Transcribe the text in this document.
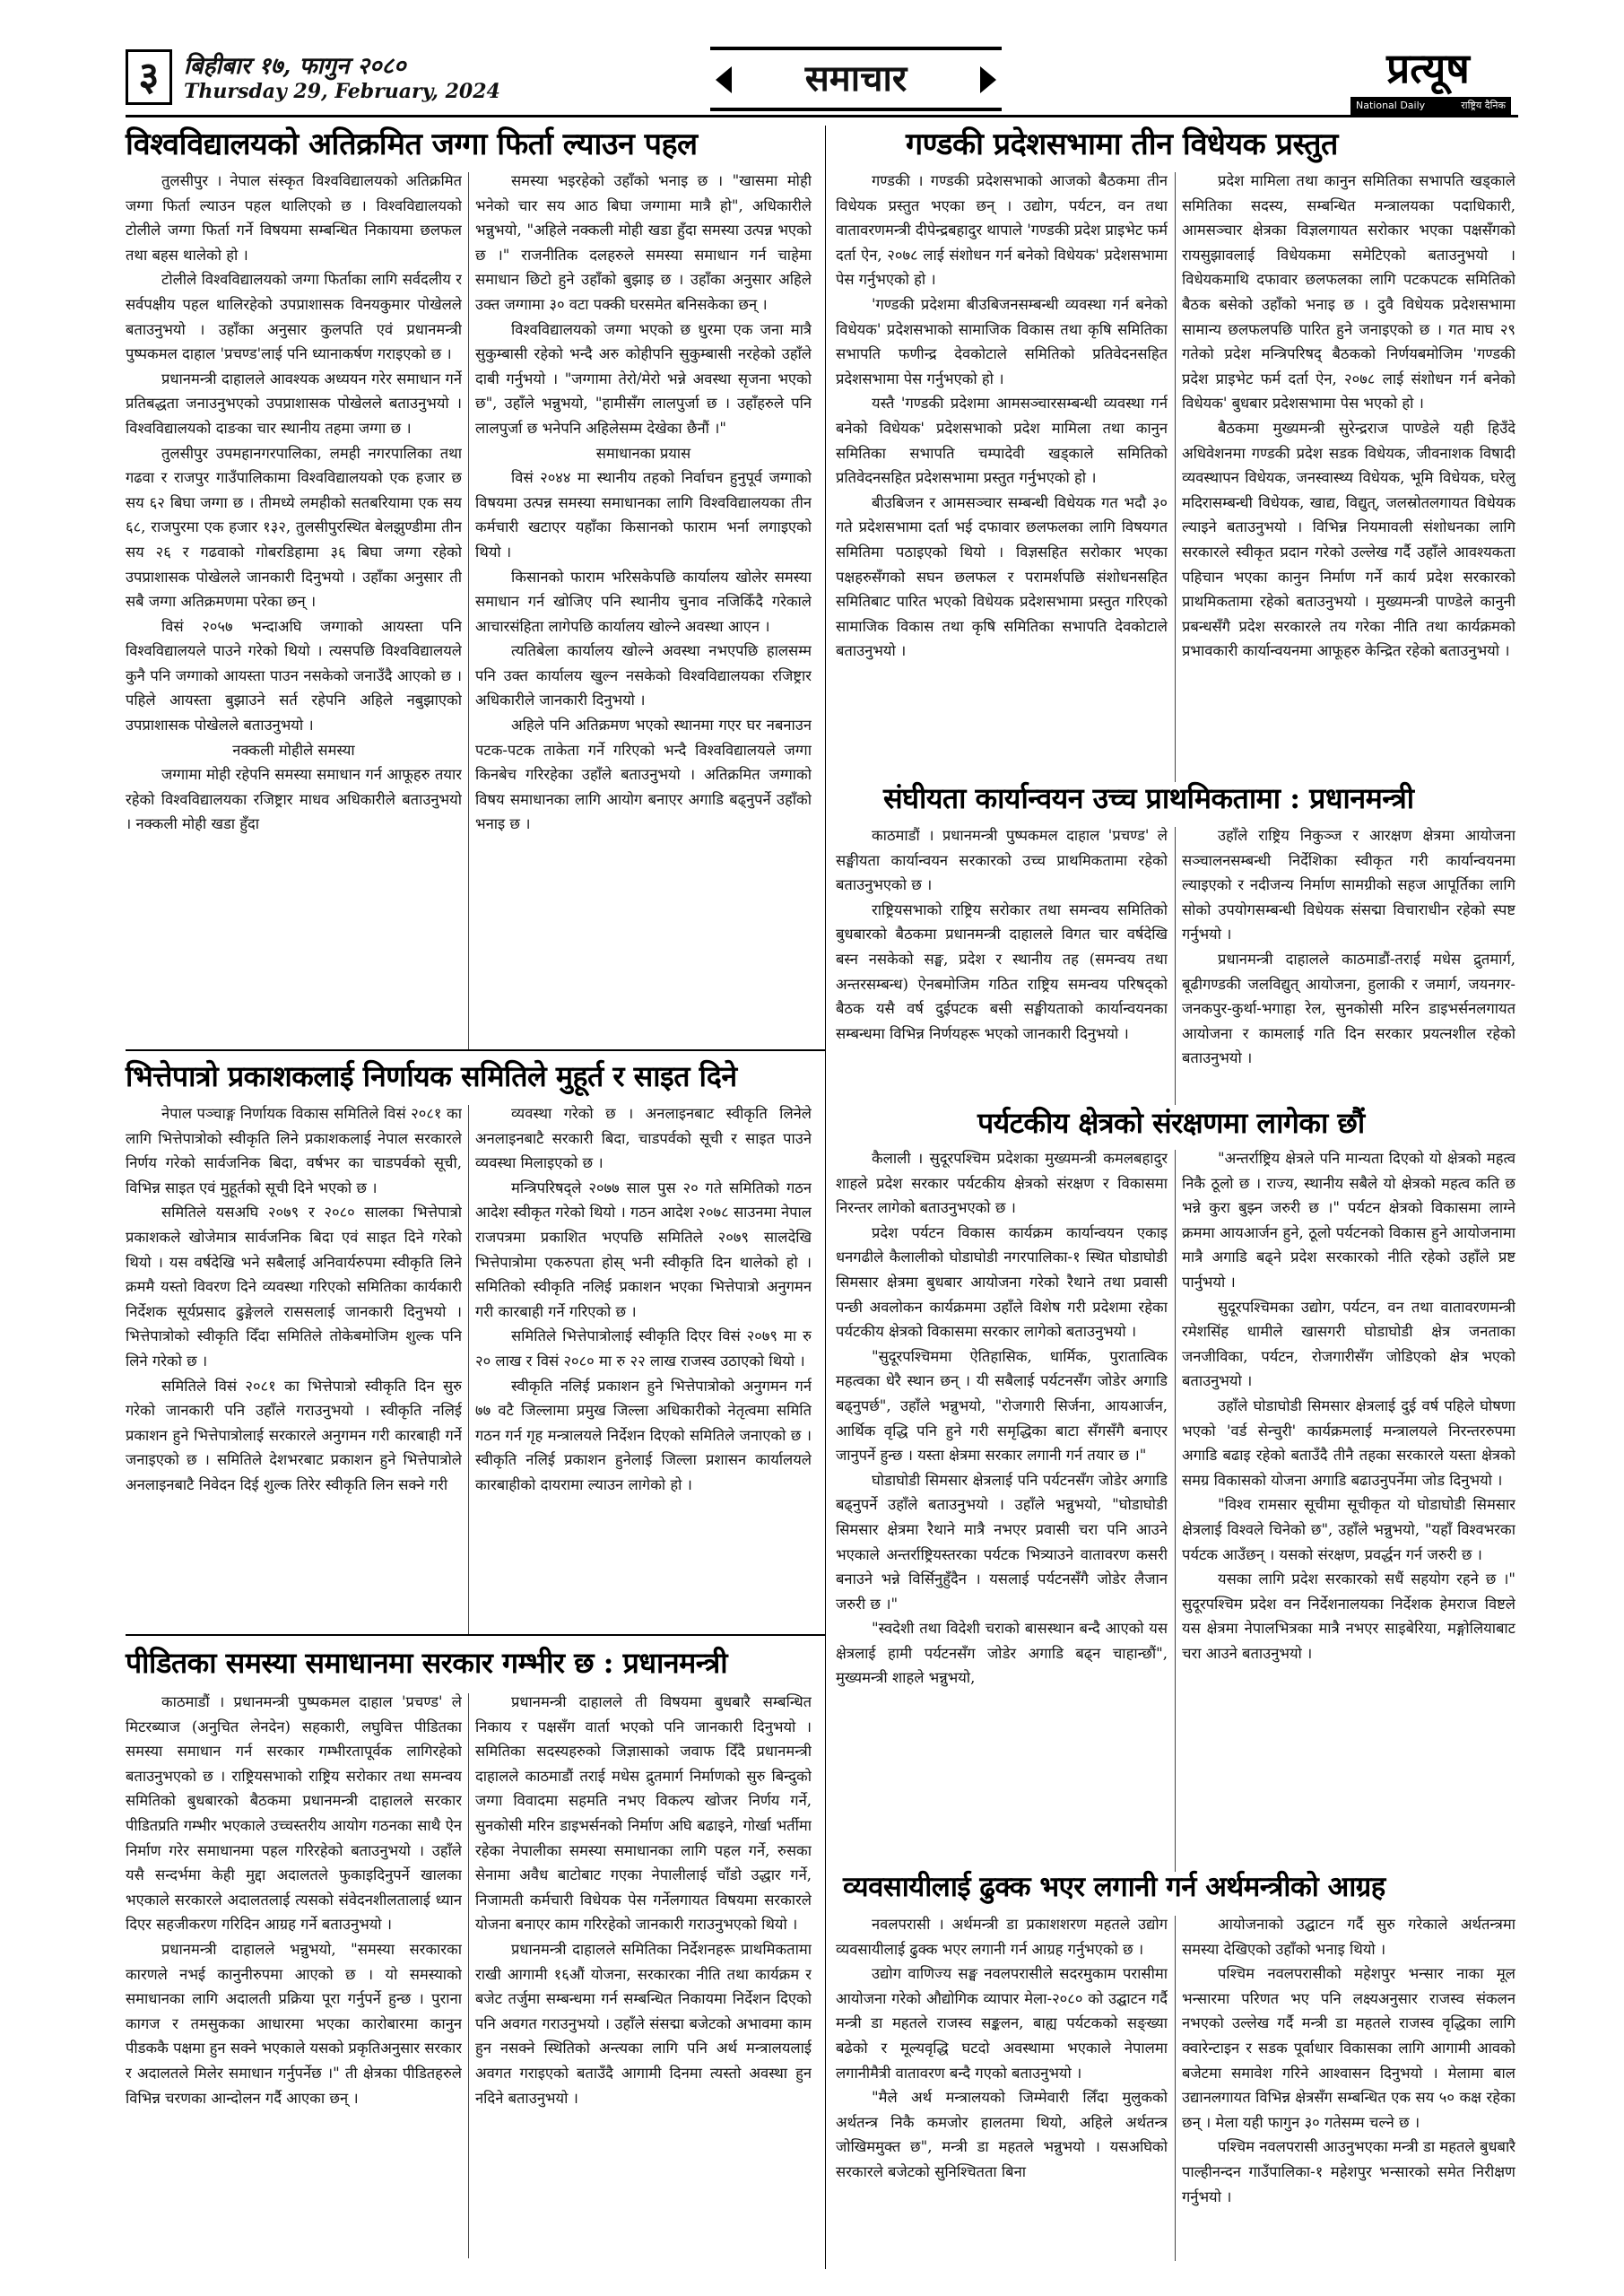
३	बिहीबार १७, फागुन २०८०
Thursday 29, February, 2024	समाचार	प्रत्यूष
National Daily	राष्ट्रिय दैनिक
विश्वविद्यालयको अतिक्रमित जग्गा फिर्ता ल्याउन पहल

तुलसीपुर । नेपाल संस्कृत विश्वविद्यालयको अतिक्रमित जग्गा फिर्ता ल्याउन पहल थालिएको छ । विश्वविद्यालयको टोलीले जग्गा फिर्ता गर्ने विषयमा सम्बन्धित निकायमा छलफल तथा बहस थालेको हो ।

टोलीले विश्वविद्यालयको जग्गा फिर्ताका लागि सर्वदलीय र सर्वपक्षीय पहल थालिरहेको उपप्राशासक विनयकुमार पोखेलले बताउनुभयो । उहाँका अनुसार कुलपति एवं प्रधानमन्त्री पुष्पकमल दाहाल 'प्रचण्ड'लाई पनि ध्यानाकर्षण गराइएको छ ।

प्रधानमन्त्री दाहालले आवश्यक अध्ययन गरेर समाधान गर्ने प्रतिबद्धता जनाउनुभएको उपप्राशासक पोखेलले बताउनुभयो । विश्वविद्यालयको दाङका चार स्थानीय तहमा जग्गा छ ।

तुलसीपुर उपमहानगरपालिका, लमही नगरपालिका तथा गढवा र राजपुर गाउँपालिकामा विश्वविद्यालयको एक हजार छ सय ६२ बिघा जग्गा छ । तीमध्ये लमहीको सतबरियामा एक सय ६८, राजपुरमा एक हजार १३२, तुलसीपुरस्थित बेलझुण्डीमा तीन सय २६ र गढवाको गोबरडिहामा ३६ बिघा जग्गा रहेको उपप्राशासक पोखेलले जानकारी दिनुभयो । उहाँका अनुसार ती सबै जग्गा अतिक्रमणमा परेका छन् ।

विसं २०५७ भन्दाअघि जग्गाको आयस्ता पनि विश्वविद्यालयले पाउने गरेको थियो । त्यसपछि विश्वविद्यालयले कुनै पनि जग्गाको आयस्ता पाउन नसकेको जनाउँदै आएको छ । पहिले आयस्ता बुझाउने सर्त रहेपनि अहिले नबुझाएको उपप्राशासक पोखेलले बताउनुभयो ।

नक्कली मोहीले समस्या

जग्गामा मोही रहेपनि समस्या समाधान गर्न आफूहरु तयार रहेको विश्वविद्यालयका रजिष्ट्रार माधव अधिकारीले बताउनुभयो । नक्कली मोही खडा हुँदा

समस्या भइरहेको उहाँको भनाइ छ । "खासमा मोही भनेको चार सय आठ बिघा जग्गामा मात्रै हो", अधिकारीले भन्नुभयो, "अहिले नक्कली मोही खडा हुँदा समस्या उत्पन्न भएको छ ।" राजनीतिक दलहरुले समस्या समाधान गर्न चाहेमा समाधान छिटो हुने उहाँको बुझाइ छ । उहाँका अनुसार अहिले उक्त जग्गामा ३० वटा पक्की घरसमेत बनिसकेका छन् ।

विश्वविद्यालयको जग्गा भएको छ धुरमा एक जना मात्रै सुकुम्बासी रहेको भन्दै अरु कोहीपनि सुकुम्बासी नरहेको उहाँले दाबी गर्नुभयो । "जग्गामा तेरो/मेरो भन्ने अवस्था सृजना भएको छ", उहाँले भन्नुभयो, "हामीसँग लालपुर्जा छ । उहाँहरुले पनि लालपुर्जा छ भनेपनि अहिलेसम्म देखेका छैनौं ।"

समाधानका प्रयास

विसं २०४४ मा स्थानीय तहको निर्वाचन हुनुपूर्व जग्गाको विषयमा उत्पन्न समस्या समाधानका लागि विश्वविद्यालयका तीन कर्मचारी खटाएर यहाँका किसानको फाराम भर्ना लगाइएको थियो ।

किसानको फाराम भरिसकेपछि कार्यालय खोलेर समस्या समाधान गर्न खोजिए पनि स्थानीय चुनाव नजिकिँदै गरेकाले आचारसंहिता लागेपछि कार्यालय खोल्ने अवस्था आएन ।

त्यतिबेला कार्यालय खोल्ने अवस्था नभएपछि हालसम्म पनि उक्त कार्यालय खुल्न नसकेको विश्वविद्यालयका रजिष्ट्रार अधिकारीले जानकारी दिनुभयो ।

अहिले पनि अतिक्रमण भएको स्थानमा गएर घर नबनाउन पटक-पटक ताकेता गर्ने गरिएको भन्दै विश्वविद्यालयले जग्गा किनबेच गरिरहेका उहाँले बताउनुभयो । अतिक्रमित जग्गाको विषय समाधानका लागि आयोग बनाएर अगाडि बढ्नुपर्ने उहाँको भनाइ छ ।

भित्तेपात्रो प्रकाशकलाई निर्णायक समितिले मुहूर्त र साइत दिने

नेपाल पञ्चाङ्ग निर्णायक विकास समितिले विसं २०८१ का लागि भित्तेपात्रोको स्वीकृति लिने प्रकाशकलाई नेपाल सरकारले निर्णय गरेको सार्वजनिक बिदा, वर्षभर का चाडपर्वको सूची, विभिन्न साइत एवं मुहूर्तको सूची दिने भएको छ ।

समितिले यसअघि २०७९ र २०८० सालका भित्तेपात्रो प्रकाशकले खोजेमात्र सार्वजनिक बिदा एवं साइत दिने गरेको थियो । यस वर्षदेखि भने सबैलाई अनिवार्यरुपमा स्वीकृति लिने क्रममै यस्तो विवरण दिने व्यवस्था गरिएको समितिका कार्यकारी निर्देशक सूर्यप्रसाद ढुङ्गेलले राससलाई जानकारी दिनुभयो । भित्तेपात्रोको स्वीकृति दिँदा समितिले तोकेबमोजिम शुल्क पनि लिने गरेको छ ।

समितिले विसं २०८१ का भित्तेपात्रो स्वीकृति दिन सुरु गरेको जानकारी पनि उहाँले गराउनुभयो । स्वीकृति नलिई प्रकाशन हुने भित्तेपात्रोलाई सरकारले अनुगमन गरी कारबाही गर्ने जनाइएको छ । समितिले देशभरबाट प्रकाशन हुने भित्तेपात्रोले अनलाइनबाटै निवेदन दिई शुल्क तिरेर स्वीकृति लिन सक्ने गरी

व्यवस्था गरेको छ । अनलाइनबाट स्वीकृति लिनेले अनलाइनबाटै सरकारी बिदा, चाडपर्वको सूची र साइत पाउने व्यवस्था मिलाइएको छ ।

मन्त्रिपरिषद्ले २०७७ साल पुस २० गते समितिको गठन आदेश स्वीकृत गरेको थियो । गठन आदेश २०७८ साउनमा नेपाल राजपत्रमा प्रकाशित भएपछि समितिले २०७९ सालदेखि भित्तेपात्रोमा एकरुपता होस् भनी स्वीकृति दिन थालेको हो । समितिको स्वीकृति नलिई प्रकाशन भएका भित्तेपात्रो अनुगमन गरी कारबाही गर्ने गरिएको छ ।

समितिले भित्तेपात्रोलाई स्वीकृति दिएर विसं २०७९ मा रु २० लाख र विसं २०८० मा रु २२ लाख राजस्व उठाएको थियो ।

स्वीकृति नलिई प्रकाशन हुने भित्तेपात्रोको अनुगमन गर्न ७७ वटै जिल्लामा प्रमुख जिल्ला अधिकारीको नेतृत्वमा समिति गठन गर्न गृह मन्त्रालयले निर्देशन दिएको समितिले जनाएको छ । स्वीकृति नलिई प्रकाशन हुनेलाई जिल्ला प्रशासन कार्यालयले कारबाहीको दायरामा ल्याउन लागेको हो ।

पीडितका समस्या समाधानमा सरकार गम्भीर छ : प्रधानमन्त्री

काठमाडौं । प्रधानमन्त्री पुष्पकमल दाहाल 'प्रचण्ड' ले मिटरब्याज (अनुचित लेनदेन) सहकारी, लघुवित्त पीडितका समस्या समाधान गर्न सरकार गम्भीरतापूर्वक लागिरहेको बताउनुभएको छ । राष्ट्रियसभाको राष्ट्रिय सरोकार तथा समन्वय समितिको बुधबारको बैठकमा प्रधानमन्त्री दाहालले सरकार पीडितप्रति गम्भीर भएकाले उच्चस्तरीय आयोग गठनका साथै ऐन निर्माण गरेर समाधानमा पहल गरिरहेको बताउनुभयो । उहाँले यसै सन्दर्भमा केही मुद्दा अदालतले फुकाइदिनुपर्ने खालका भएकाले सरकारले अदालतलाई त्यसको संवेदनशीलतालाई ध्यान दिएर सहजीकरण गरिदिन आग्रह गर्ने बताउनुभयो ।

प्रधानमन्त्री दाहालले भन्नुभयो, "समस्या सरकारका कारणले नभई कानुनीरुपमा आएको छ । यो समस्याको समाधानका लागि अदालती प्रक्रिया पूरा गर्नुपर्ने हुन्छ । पुराना कागज र तमसुकका आधारमा भएका कारोबारमा कानुन पीडककै पक्षमा हुन सक्ने भएकाले यसको प्रकृतिअनुसार सरकार र अदालतले मिलेर समाधान गर्नुपर्नेछ ।" ती क्षेत्रका पीडितहरुले विभिन्न चरणका आन्दोलन गर्दै आएका छन् ।

प्रधानमन्त्री दाहालले ती विषयमा बुधबारै सम्बन्धित निकाय र पक्षसँग वार्ता भएको पनि जानकारी दिनुभयो । समितिका सदस्यहरुको जिज्ञासाको जवाफ दिँदै प्रधानमन्त्री दाहालले काठमाडौं तराई मधेस द्रुतमार्ग निर्माणको सुरु बिन्दुको जग्गा विवादमा सहमति नभए विकल्प खोजर निर्णय गर्ने, सुनकोसी मरिन डाइभर्सनको निर्माण अघि बढाइने, गोर्खा भर्तीमा रहेका नेपालीका समस्या समाधानका लागि पहल गर्ने, रुसका सेनामा अवैध बाटोबाट गएका नेपालीलाई चाँडो उद्धार गर्ने, निजामती कर्मचारी विधेयक पेस गर्नेलगायत विषयमा सरकारले योजना बनाएर काम गरिरहेको जानकारी गराउनुभएको थियो ।

प्रधानमन्त्री दाहालले समितिका निर्देशनहरू प्राथमिकतामा राखी आगामी १६औं योजना, सरकारका नीति तथा कार्यक्रम र बजेट तर्जुमा सम्बन्धमा गर्न सम्बन्धित निकायमा निर्देशन दिएको पनि अवगत गराउनुभयो । उहाँले संसद्मा बजेटको अभावमा काम हुन नसक्ने स्थितिको अन्त्यका लागि पनि अर्थ मन्त्रालयलाई अवगत गराइएको बताउँदै आगामी दिनमा त्यस्तो अवस्था हुन नदिने बताउनुभयो ।

गण्डकी प्रदेशसभामा तीन विधेयक प्रस्तुत

गण्डकी । गण्डकी प्रदेशसभाको आजको बैठकमा तीन विधेयक प्रस्तुत भएका छन् । उद्योग, पर्यटन, वन तथा वातावरणमन्त्री दीपेन्द्रबहादुर थापाले 'गण्डकी प्रदेश प्राइभेट फर्म दर्ता ऐन, २०७८ लाई संशोधन गर्न बनेको विधेयक' प्रदेशसभामा पेस गर्नुभएको हो ।

'गण्डकी प्रदेशमा बीउबिजनसम्बन्धी व्यवस्था गर्न बनेको विधेयक' प्रदेशसभाको सामाजिक विकास तथा कृषि समितिका सभापति फणीन्द्र देवकोटाले समितिको प्रतिवेदनसहित प्रदेशसभामा पेस गर्नुभएको हो ।

यस्तै 'गण्डकी प्रदेशमा आमसञ्चारसम्बन्धी व्यवस्था गर्न बनेको विधेयक' प्रदेशसभाको प्रदेश मामिला तथा कानुन समितिका सभापति चम्पादेवी खड्काले समितिको प्रतिवेदनसहित प्रदेशसभामा प्रस्तुत गर्नुभएको हो ।

बीउबिजन र आमसञ्चार सम्बन्धी विधेयक गत भदौ ३० गते प्रदेशसभामा दर्ता भई दफावार छलफलका लागि विषयगत समितिमा पठाइएको थियो । विज्ञसहित सरोकार भएका पक्षहरुसँगको सघन छलफल र परामर्शपछि संशोधनसहित समितिबाट पारित भएको विधेयक प्रदेशसभामा प्रस्तुत गरिएको सामाजिक विकास तथा कृषि समितिका सभापति देवकोटाले बताउनुभयो ।

प्रदेश मामिला तथा कानुन समितिका सभापति खड्काले समितिका सदस्य, सम्बन्धित मन्त्रालयका पदाधिकारी, आमसञ्चार क्षेत्रका विज्ञलगायत सरोकार भएका पक्षसँगको रायसुझावलाई विधेयकमा समेटिएको बताउनुभयो । विधेयकमाथि दफावार छलफलका लागि पटकपटक समितिको बैठक बसेको उहाँको भनाइ छ । दुवै विधेयक प्रदेशसभामा सामान्य छलफलपछि पारित हुने जनाइएको छ । गत माघ २९ गतेको प्रदेश मन्त्रिपरिषद् बैठकको निर्णयबमोजिम 'गण्डकी प्रदेश प्राइभेट फर्म दर्ता ऐन, २०७८ लाई संशोधन गर्न बनेको विधेयक' बुधबार प्रदेशसभामा पेस भएको हो ।

बैठकमा मुख्यमन्त्री सुरेन्द्रराज पाण्डेले यही हिउँदे अधिवेशनमा गण्डकी प्रदेश सडक विधेयक, जीवनाशक विषादी व्यवस्थापन विधेयक, जनस्वास्थ्य विधेयक, भूमि विधेयक, घरेलु मदिरासम्बन्धी विधेयक, खाद्य, विद्युत्, जलस्रोतलगायत विधेयक ल्याइने बताउनुभयो । विभिन्न नियमावली संशोधनका लागि सरकारले स्वीकृत प्रदान गरेको उल्लेख गर्दै उहाँले आवश्यकता पहिचान भएका कानुन निर्माण गर्ने कार्य प्रदेश सरकारको प्राथमिकतामा रहेको बताउनुभयो । मुख्यमन्त्री पाण्डेले कानुनी प्रबन्धसँगै प्रदेश सरकारले तय गरेका नीति तथा कार्यक्रमको प्रभावकारी कार्यान्वयनमा आफूहरु केन्द्रित रहेको बताउनुभयो ।

संघीयता कार्यान्वयन उच्च प्राथमिकतामा : प्रधानमन्त्री

काठमाडौं । प्रधानमन्त्री पुष्पकमल दाहाल 'प्रचण्ड' ले सङ्घीयता कार्यान्वयन सरकारको उच्च प्राथमिकतामा रहेको बताउनुभएको छ ।

राष्ट्रियसभाको राष्ट्रिय सरोकार तथा समन्वय समितिको बुधबारको बैठकमा प्रधानमन्त्री दाहालले विगत चार वर्षदेखि बस्न नसकेको सङ्घ, प्रदेश र स्थानीय तह (समन्वय तथा अन्तरसम्बन्ध) ऐनबमोजिम गठित राष्ट्रिय समन्वय परिषद्को बैठक यसै वर्ष दुईपटक बसी सङ्घीयताको कार्यान्वयनका सम्बन्धमा विभिन्न निर्णयहरू भएको जानकारी दिनुभयो ।

उहाँले राष्ट्रिय निकुञ्ज र आरक्षण क्षेत्रमा आयोजना सञ्चालनसम्बन्धी निर्देशिका स्वीकृत गरी कार्यान्वयनमा ल्याइएको र नदीजन्य निर्माण सामग्रीको सहज आपूर्तिका लागि सोको उपयोगसम्बन्धी विधेयक संसद्मा विचाराधीन रहेको स्पष्ट गर्नुभयो ।

प्रधानमन्त्री दाहालले काठमाडौं-तराई मधेस द्रुतमार्ग, बूढीगण्डकी जलविद्युत् आयोजना, हुलाकी र जमार्ग, जयनगर-जनकपुर-कुर्था-भगाहा रेल, सुनकोसी मरिन डाइभर्सनलगायत आयोजना र कामलाई गति दिन सरकार प्रयत्नशील रहेको बताउनुभयो ।

पर्यटकीय क्षेत्रको संरक्षणमा लागेका छौं

कैलाली । सुदूरपश्चिम प्रदेशका मुख्यमन्त्री कमलबहादुर शाहले प्रदेश सरकार पर्यटकीय क्षेत्रको संरक्षण र विकासमा निरन्तर लागेको बताउनुभएको छ ।

प्रदेश पर्यटन विकास कार्यक्रम कार्यान्वयन एकाइ धनगढीले कैलालीको घोडाघोडी नगरपालिका-१ स्थित घोडाघोडी सिमसार क्षेत्रमा बुधबार आयोजना गरेको रैथाने तथा प्रवासी पन्छी अवलोकन कार्यक्रममा उहाँले विशेष गरी प्रदेशमा रहेका पर्यटकीय क्षेत्रको विकासमा सरकार लागेको बताउनुभयो ।

"सुदूरपश्चिममा ऐतिहासिक, धार्मिक, पुरातात्विक महत्वका धेरै स्थान छन् । यी सबैलाई पर्यटनसँग जोडेर अगाडि बढ्नुपर्छ", उहाँले भन्नुभयो, "रोजगारी सिर्जना, आयआर्जन, आर्थिक वृद्धि पनि हुने गरी समृद्धिका बाटा सँगसँगै बनाएर जानुपर्ने हुन्छ । यस्ता क्षेत्रमा सरकार लगानी गर्न तयार छ ।"

घोडाघोडी सिमसार क्षेत्रलाई पनि पर्यटनसँग जोडेर अगाडि बढ्नुपर्ने उहाँले बताउनुभयो । उहाँले भन्नुभयो, "घोडाघोडी सिमसार क्षेत्रमा रैथाने मात्रै नभएर प्रवासी चरा पनि आउने भएकाले अन्तर्राष्ट्रियस्तरका पर्यटक भित्र्याउने वातावरण कसरी बनाउने भन्ने विर्सिनुहुँदैन । यसलाई पर्यटनसँगै जोडेर लैजान जरुरी छ ।"

"स्वदेशी तथा विदेशी चराको बासस्थान बन्दै आएको यस क्षेत्रलाई हामी पर्यटनसँग जोडेर अगाडि बढ्न चाहान्छौं", मुख्यमन्त्री शाहले भन्नुभयो,

"अन्तर्राष्ट्रिय क्षेत्रले पनि मान्यता दिएको यो क्षेत्रको महत्व निकै ठूलो छ । राज्य, स्थानीय सबैले यो क्षेत्रको महत्व कति छ भन्ने कुरा बुझ्न जरुरी छ ।" पर्यटन क्षेत्रको विकासमा लाग्ने क्रममा आयआर्जन हुने, ठूलो पर्यटनको विकास हुने आयोजनामा मात्रै अगाडि बढ्ने प्रदेश सरकारको नीति रहेको उहाँले प्रष्ट पार्नुभयो ।

सुदूरपश्चिमका उद्योग, पर्यटन, वन तथा वातावरणमन्त्री रमेशसिंह धामीले खासगरी घोडाघोडी क्षेत्र जनताका जनजीविका, पर्यटन, रोजगारीसँग जोडिएको क्षेत्र भएको बताउनुभयो ।

उहाँले घोडाघोडी सिमसार क्षेत्रलाई दुई वर्ष पहिले घोषणा भएको 'वर्ड सेन्चुरी' कार्यक्रमलाई मन्त्रालयले निरन्तररुपमा अगाडि बढाइ रहेको बताउँदै तीनै तहका सरकारले यस्ता क्षेत्रको समग्र विकासको योजना अगाडि बढाउनुपर्नेमा जोड दिनुभयो ।

"विश्व रामसार सूचीमा सूचीकृत यो घोडाघोडी सिमसार क्षेत्रलाई विश्वले चिनेको छ", उहाँले भन्नुभयो, "यहाँ विश्वभरका पर्यटक आउँछन् । यसको संरक्षण, प्रवर्द्धन गर्न जरुरी छ ।

यसका लागि प्रदेश सरकारको सधैं सहयोग रहने छ ।" सुदूरपश्चिम प्रदेश वन निर्देशनालयका निर्देशक हेमराज विष्टले यस क्षेत्रमा नेपालभित्रका मात्रै नभएर साइबेरिया, मङ्गोलियाबाट चरा आउने बताउनुभयो ।

व्यवसायीलाई ढुक्क भएर लगानी गर्न अर्थमन्त्रीको आग्रह

नवलपरासी । अर्थमन्त्री डा प्रकाशशरण महतले उद्योग व्यवसायीलाई ढुक्क भएर लगानी गर्न आग्रह गर्नुभएको छ ।

उद्योग वाणिज्य सङ्घ नवलपरासीले सदरमुकाम परासीमा आयोजना गरेको औद्योगिक व्यापार मेला-२०८० को उद्घाटन गर्दै मन्त्री डा महतले राजस्व सङ्कलन, बाह्य पर्यटकको सङ्ख्या बढेको र मूल्यवृद्धि घटदो अवस्थामा भएकाले नेपालमा लगानीमैत्री वातावरण बन्दै गएको बताउनुभयो ।

"मैले अर्थ मन्त्रालयको जिम्मेवारी लिँदा मुलुकको अर्थतन्त्र निकै कमजोर हालतमा थियो, अहिले अर्थतन्त्र जोखिममुक्त छ", मन्त्री डा महतले भन्नुभयो । यसअघिको सरकारले बजेटको सुनिश्चितता बिना

आयोजनाको उद्घाटन गर्दै सुरु गरेकाले अर्थतन्त्रमा समस्या देखिएको उहाँको भनाइ थियो ।

पश्चिम नवलपरासीको महेशपुर भन्सार नाका मूल भन्सारमा परिणत भए पनि लक्ष्यअनुसार राजस्व संकलन नभएको उल्लेख गर्दै मन्त्री डा महतले राजस्व वृद्धिका लागि क्वारेन्टाइन र सडक पूर्वाधार विकासका लागि आगामी आवको बजेटमा समावेश गरिने आश्वासन दिनुभयो । मेलामा बाल उद्यानलगायत विभिन्न क्षेत्रसँग सम्बन्धित एक सय ५० कक्ष रहेका छन् । मेला यही फागुन ३० गतेसम्म चल्ने छ ।

पश्चिम नवलपरासी आउनुभएका मन्त्री डा महतले बुधबारै पाल्हीनन्दन गाउँपालिका-१ महेशपुर भन्सारको समेत निरीक्षण गर्नुभयो ।
